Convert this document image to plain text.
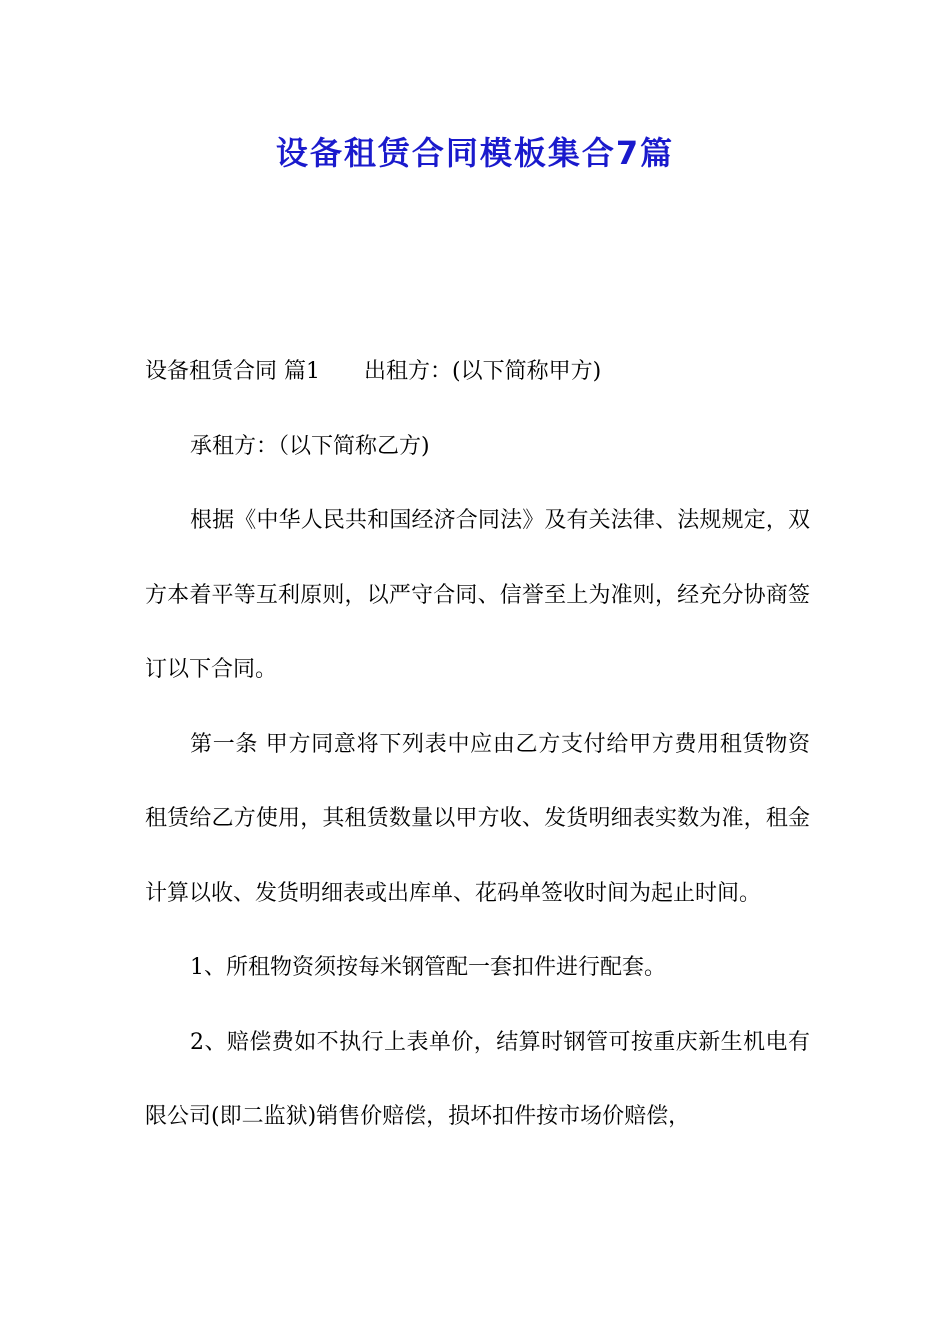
设备租赁合同模板集合7篇

设备租赁合同 篇1 出租方：(以下简称甲方)

承租方：（以下简称乙方)

根据《中华人民共和国经济合同法》及有关法律、法规规定，双方本着平等互利原则，以严守合同、信誉至上为准则，经充分协商签订以下合同。

第一条 甲方同意将下列表中应由乙方支付给甲方费用租赁物资租赁给乙方使用，其租赁数量以甲方收、发货明细表实数为准，租金计算以收、发货明细表或出库单、花码单签收时间为起止时间。

1、所租物资须按每米钢管配一套扣件进行配套。

2、赔偿费如不执行上表单价，结算时钢管可按重庆新生机电有限公司(即二监狱)销售价赔偿，损坏扣件按市场价赔偿，
